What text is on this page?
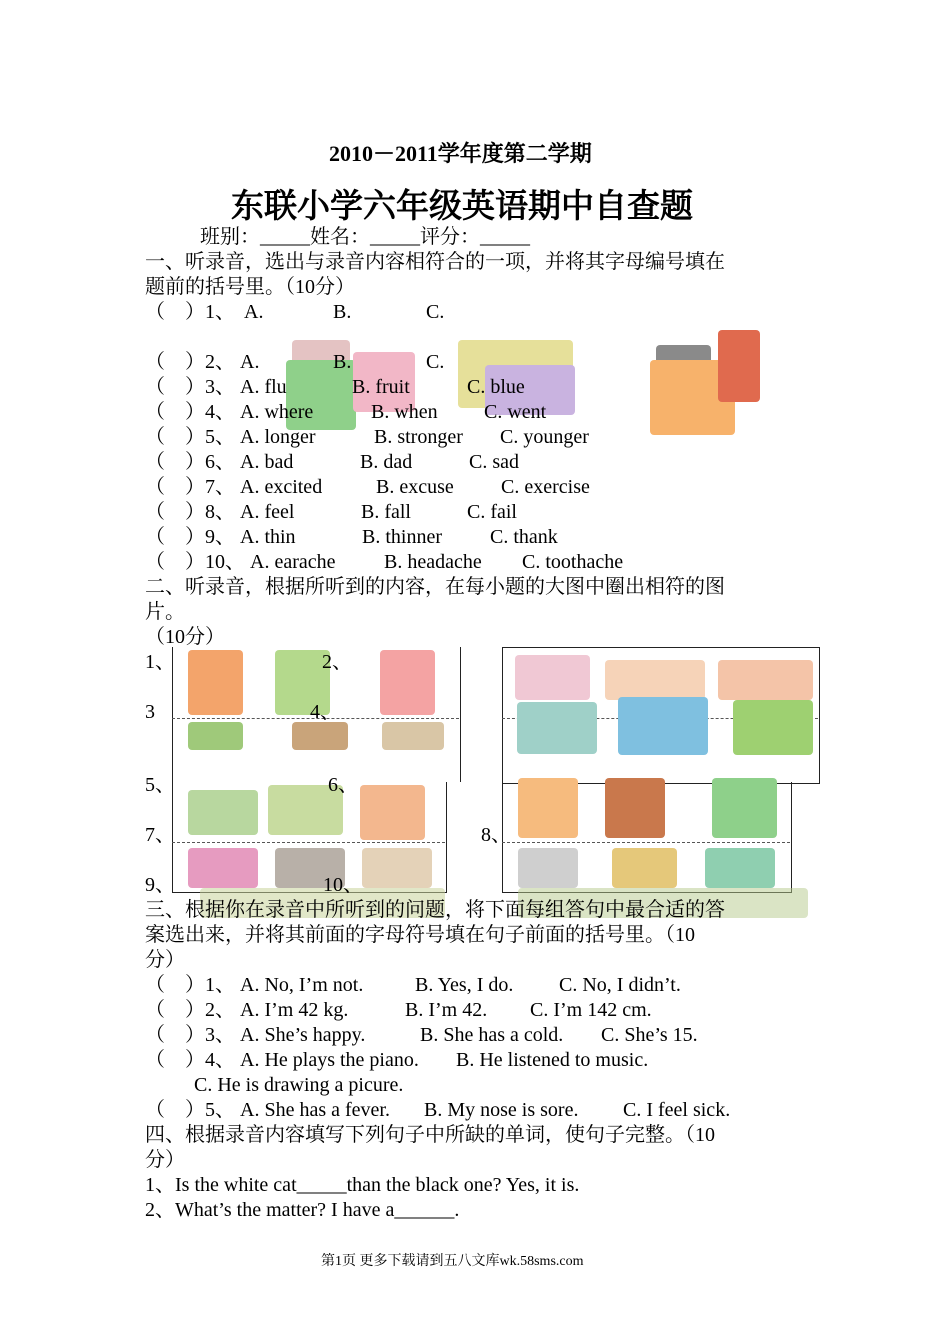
2010－2011学年度第二学期
东联小学六年级英语期中自查题
班别：_____姓名：_____评分：_____
一、听录音，选出与录音内容相符合的一项，并将其字母编号填在
题前的括号里。（10分）
（　）1、 A.	B.	C.
（　）2、 A.	B.	C.
（　）3、 A. flu	B. fruit	C. blue
（　）4、 A. where	B. when C. went
（　）5、 A. longer	B. stronger C. younger
（　）6、 A. bad	B. dad	C. sad
（　）7、 A. excited	B. excuse C. exercise
（　）8、 A. feel	B. fall	C. fail
（　）9、 A. thin	B. thinner C. thank
（　）10、 A. earache B. headache C. toothache
二、听录音，根据所听到的内容，在每小题的大图中圈出相符的图
片。
（10分）
1、	2、
3	4、
5、	6、
7、	8、
9、	10、
三、根据你在录音中所听到的问题，将下面每组答句中最合适的答
案选出来，并将其前面的字母符号填在句子前面的括号里。（10
分）
（　）1、 A. No, I’m not.	B. Yes, I do. C. No, I didn’t.
（　）2、 A. I’m 42 kg.	B. I’m 42. C. I’m 142 cm.
（　）3、 A. She’s happy.	B. She has a cold. C. She’s 15.
（　）4、 A. He plays the piano. B. He listened to music.
C. He is drawing a picure.
（　）5、 A. She has a fever. B. My nose is sore. C. I feel sick.
四、根据录音内容填写下列句子中所缺的单词，使句子完整。（10
分）
1、Is the white cat_____than the black one? Yes, it is.
2、What’s the matter? I have a______.
第1页 更多下载请到五八文库wk.58sms.com
